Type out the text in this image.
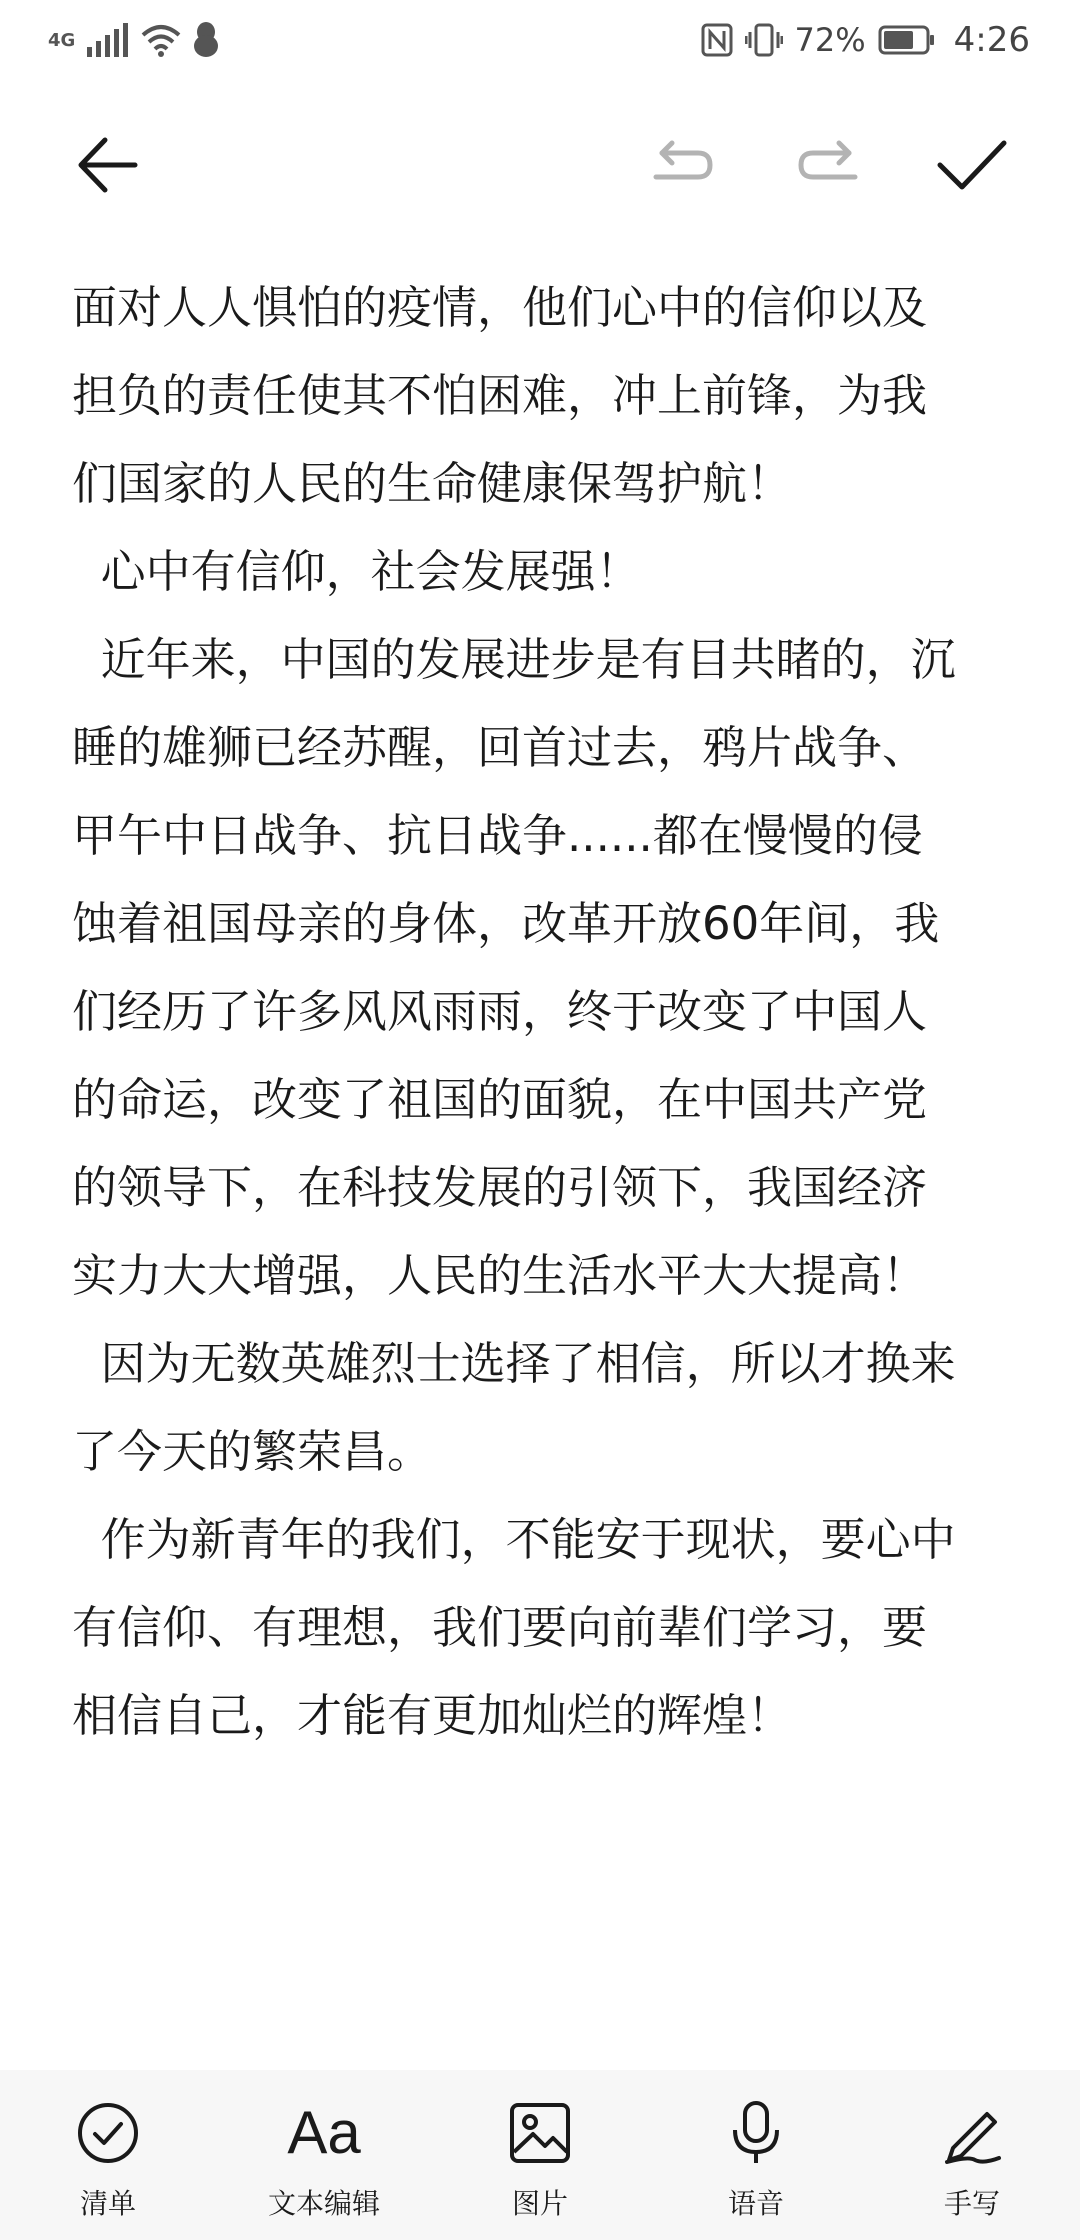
4G	72%	4:26
面对人人惧怕的疫情，他们心中的信仰以及
担负的责任使其不怕困难，冲上前锋，为我
们国家的人民的生命健康保驾护航！
心中有信仰，社会发展强！
近年来，中国的发展进步是有目共睹的，沉
睡的雄狮已经苏醒，回首过去，鸦片战争、
甲午中日战争、抗日战争......都在慢慢的侵
蚀着祖国母亲的身体，改革开放60年间，我
们经历了许多风风雨雨，终于改变了中国人
的命运，改变了祖国的面貌，在中国共产党
的领导下，在科技发展的引领下，我国经济
实力大大增强，人民的生活水平大大提高！
因为无数英雄烈士选择了相信，所以才换来
了今天的繁荣昌。
作为新青年的我们，不能安于现状，要心中
有信仰、有理想，我们要向前辈们学习，要
相信自己，才能有更加灿烂的辉煌！
清单
Aa
文本编辑	图片	语音	手写
